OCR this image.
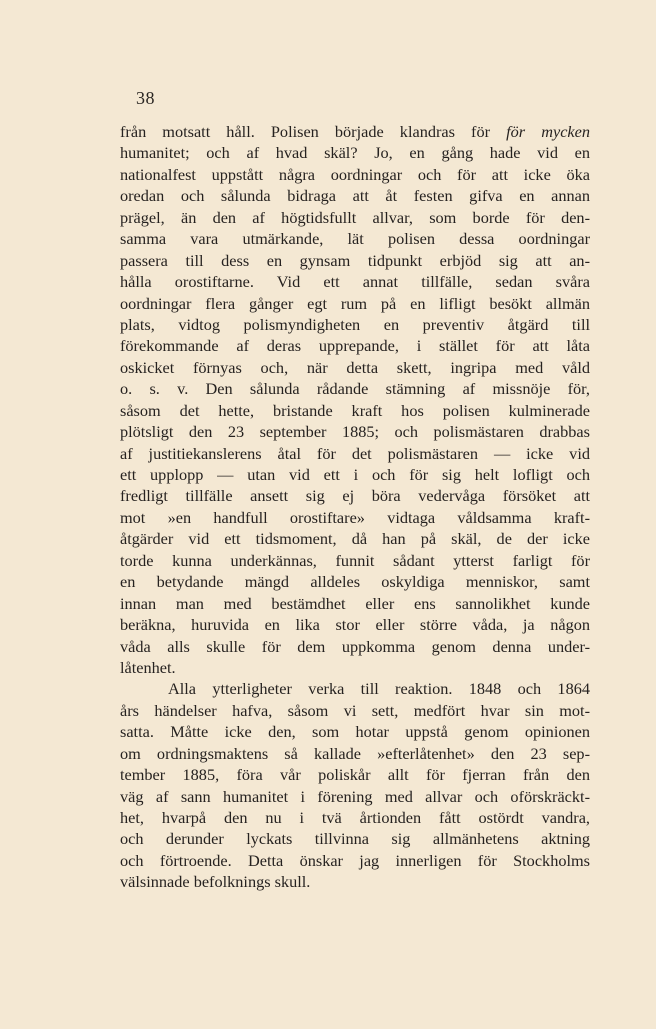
38
från motsatt håll. Polisen började klandras för för mycken
humanitet; och af hvad skäl? Jo, en gång hade vid en
nationalfest uppstått några oordningar och för att icke öka
oredan och sålunda bidraga att åt festen gifva en annan
prägel, än den af högtidsfullt allvar, som borde för den-
samma vara utmärkande, lät polisen dessa oordningar
passera till dess en gynsam tidpunkt erbjöd sig att an-
hålla orostiftarne. Vid ett annat tillfälle, sedan svåra
oordningar flera gånger egt rum på en lifligt besökt allmän
plats, vidtog polismyndigheten en preventiv åtgärd till
förekommande af deras upprepande, i stället för att låta
oskicket förnyas och, när detta skett, ingripa med våld
o. s. v. Den sålunda rådande stämning af missnöje för,
såsom det hette, bristande kraft hos polisen kulminerade
plötsligt den 23 september 1885; och polismästaren drabbas
af justitiekanslerens åtal för det polismästaren — icke vid
ett upplopp — utan vid ett i och för sig helt lofligt och
fredligt tillfälle ansett sig ej böra vedervåga försöket att
mot »en handfull orostiftare» vidtaga våldsamma kraft-
åtgärder vid ett tidsmoment, då han på skäl, de der icke
torde kunna underkännas, funnit sådant ytterst farligt för
en betydande mängd alldeles oskyldiga menniskor, samt
innan man med bestämdhet eller ens sannolikhet kunde
beräkna, huruvida en lika stor eller större våda, ja någon
våda alls skulle för dem uppkomma genom denna under-
låtenhet.
Alla ytterligheter verka till reaktion. 1848 och 1864
års händelser hafva, såsom vi sett, medfört hvar sin mot-
satta. Måtte icke den, som hotar uppstå genom opinionen
om ordningsmaktens så kallade »efterlåtenhet» den 23 sep-
tember 1885, föra vår poliskår allt för fjerran från den
väg af sann humanitet i förening med allvar och oförskräckt-
het, hvarpå den nu i tvä årtionden fått ostördt vandra,
och derunder lyckats tillvinna sig allmänhetens aktning
och förtroende. Detta önskar jag innerligen för Stockholms
välsinnade befolknings skull.
